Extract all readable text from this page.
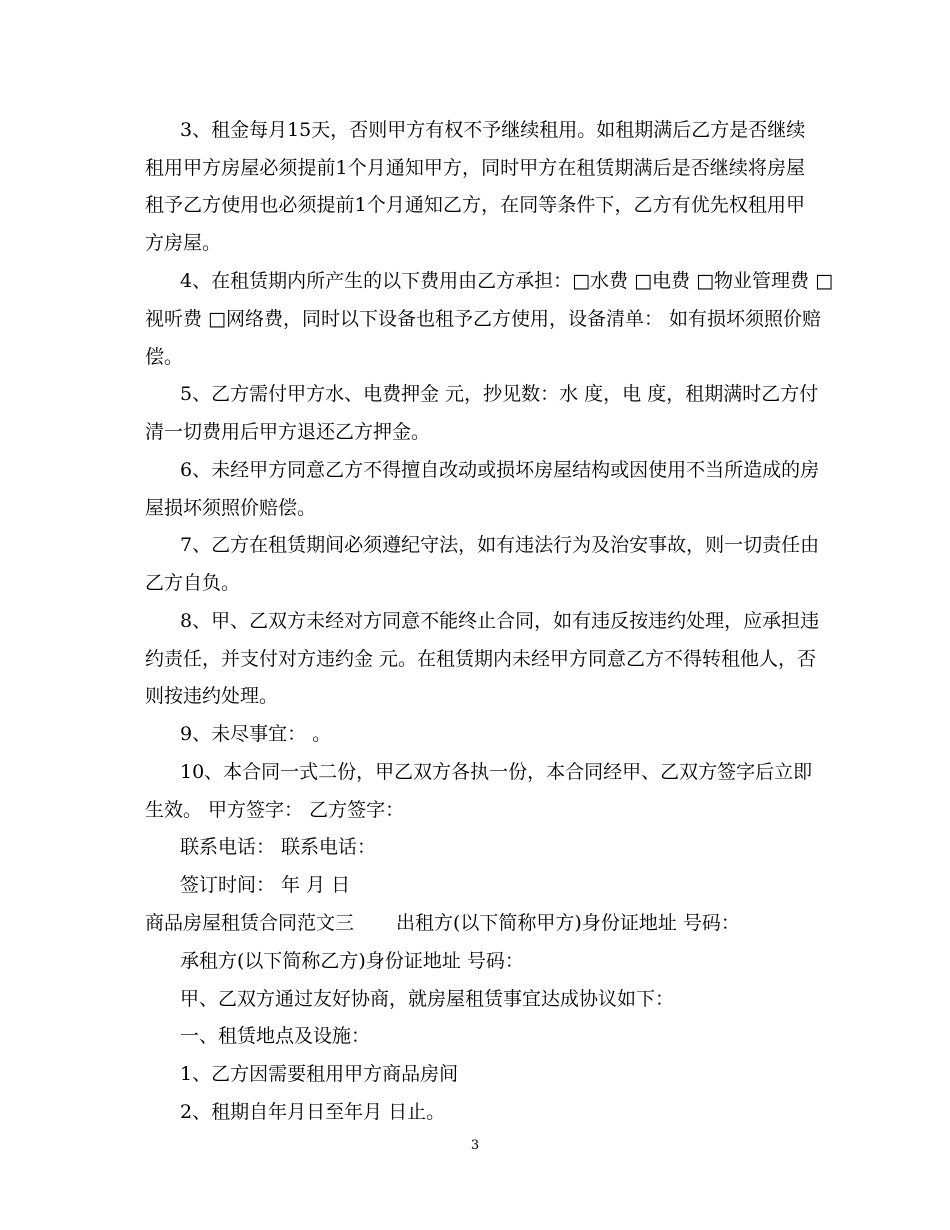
3、租金每月15天，否则甲方有权不予继续租用。如租期满后乙方是否继续
租用甲方房屋必须提前1个月通知甲方，同时甲方在租赁期满后是否继续将房屋
租予乙方使用也必须提前1个月通知乙方，在同等条件下，乙方有优先权租用甲
方房屋。
4、在租赁期内所产生的以下费用由乙方承担：□水费 □电费 □物业管理费 □
视听费 □网络费，同时以下设备也租予乙方使用，设备清单： 如有损坏须照价赔
偿。
5、乙方需付甲方水、电费押金 元，抄见数：水 度，电 度，租期满时乙方付
清一切费用后甲方退还乙方押金。
6、未经甲方同意乙方不得擅自改动或损坏房屋结构或因使用不当所造成的房
屋损坏须照价赔偿。
7、乙方在租赁期间必须遵纪守法，如有违法行为及治安事故，则一切责任由
乙方自负。
8、甲、乙双方未经对方同意不能终止合同，如有违反按违约处理，应承担违
约责任，并支付对方违约金 元。在租赁期内未经甲方同意乙方不得转租他人，否
则按违约处理。
9、未尽事宜： 。
10、本合同一式二份，甲乙双方各执一份，本合同经甲、乙双方签字后立即
生效。 甲方签字： 乙方签字：
联系电话： 联系电话：
签订时间： 年 月 日
商品房屋租赁合同范文三 出租方(以下简称甲方)身份证地址 号码：
承租方(以下简称乙方)身份证地址 号码：
甲、乙双方通过友好协商，就房屋租赁事宜达成协议如下：
一、租赁地点及设施：
1、乙方因需要租用甲方商品房间
2、租期自年月日至年月 日止。
3
